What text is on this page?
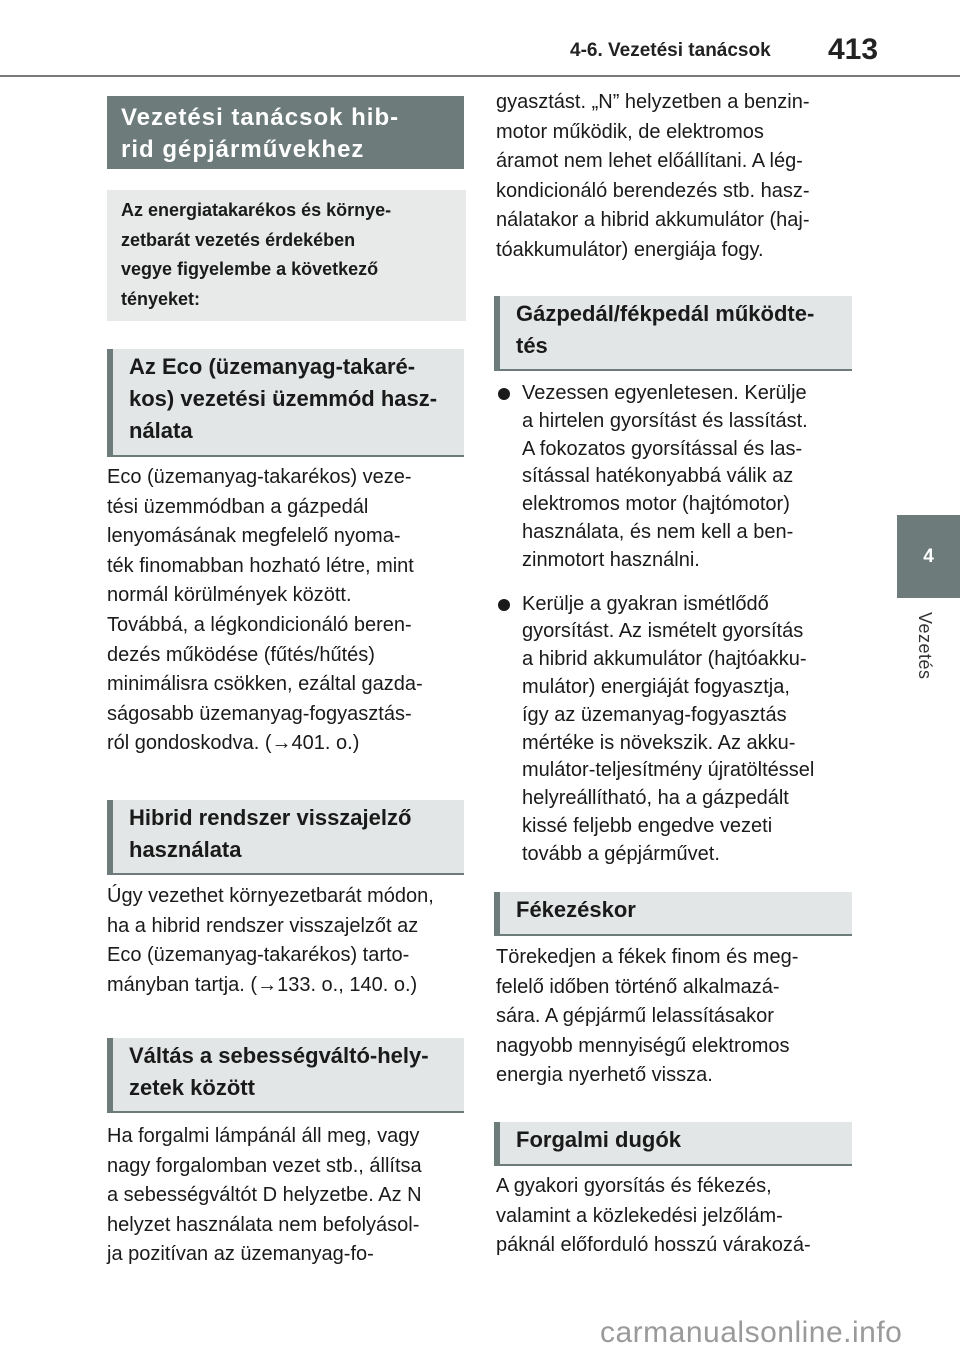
4-6. Vezetési tanácsok 413
4
Vezetés
Vezetési tanácsok hib-
rid gépjárművekhez
Az energiatakarékos és környe-
zetbarát vezetés érdekében
vegye figyelembe a következő
tényeket:
Az Eco (üzemanyag-takaré-
kos) vezetési üzemmód hasz-
nálata
Eco (üzemanyag-takarékos) veze-
tési üzemmódban a gázpedál
lenyomásának megfelelő nyoma-
ték finomabban hozható létre, mint
normál körülmények között.
Továbbá, a légkondicionáló beren-
dezés működése (fűtés/hűtés)
minimálisra csökken, ezáltal gazda-
ságosabb üzemanyag-fogyasztás-
ról gondoskodva. (→401. o.)
Hibrid rendszer visszajelző
használata
Úgy vezethet környezetbarát módon,
ha a hibrid rendszer visszajelzőt az
Eco (üzemanyag-takarékos) tarto-
mányban tartja. (→133. o., 140. o.)
Váltás a sebességváltó-hely-
zetek között
Ha forgalmi lámpánál áll meg, vagy
nagy forgalomban vezet stb., állítsa
a sebességváltót D helyzetbe. Az N
helyzet használata nem befolyásol-
ja pozitívan az üzemanyag-fo-
gyasztást. „N” helyzetben a benzin-
motor működik, de elektromos
áramot nem lehet előállítani. A lég-
kondicionáló berendezés stb. hasz-
nálatakor a hibrid akkumulátor (haj-
tóakkumulátor) energiája fogy.
Gázpedál/fékpedál működte-
tés
Vezessen egyenletesen. Kerülje
a hirtelen gyorsítást és lassítást.
A fokozatos gyorsítással és las-
sítással hatékonyabbá válik az
elektromos motor (hajtómotor)
használata, és nem kell a ben-
zinmotort használni.
Kerülje a gyakran ismétlődő
gyorsítást. Az ismételt gyorsítás
a hibrid akkumulátor (hajtóakku-
mulátor) energiáját fogyasztja,
így az üzemanyag-fogyasztás
mértéke is növekszik. Az akku-
mulátor-teljesítmény újratöltéssel
helyreállítható, ha a gázpedált
kissé feljebb engedve vezeti
tovább a gépjárművet.
Fékezéskor
Törekedjen a fékek finom és meg-
felelő időben történő alkalmazá-
sára. A gépjármű lelassításakor
nagyobb mennyiségű elektromos
energia nyerhető vissza.
Forgalmi dugók
A gyakori gyorsítás és fékezés,
valamint a közlekedési jelzőlám-
páknál előforduló hosszú várakozá-
carmanualsonline.info
